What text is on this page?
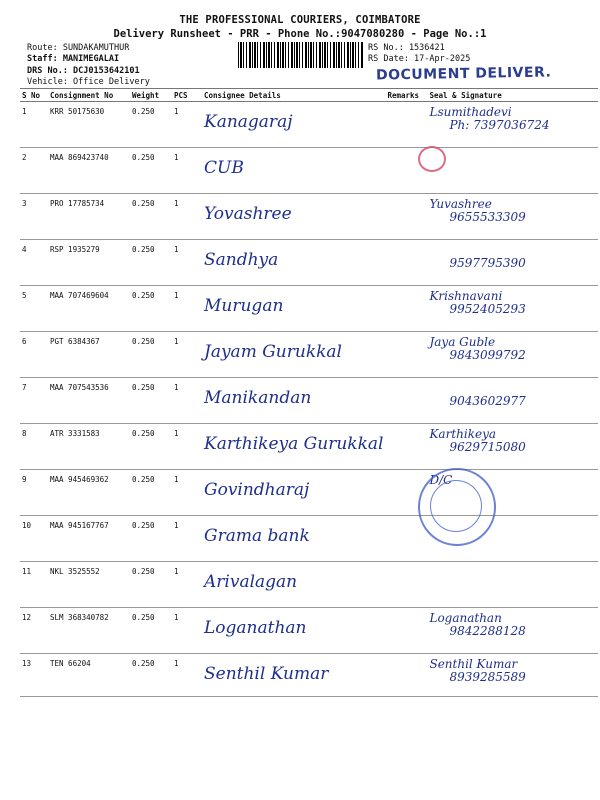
THE PROFESSIONAL COURIERS, COIMBATORE
Delivery Runsheet - PRR - Phone No.:9047080280 - Page No.:1
Route: SUNDAKAMUTHUR
Staff: MANIMEGALAI
DRS No.: DCJ0153642101
Vehicle: Office Delivery
RS No.: 1536421
RS Date: 17-Apr-2025
DOCUMENT DELIVER.
S No	Consignment No	Weight	PCS	Consignee Details	Remarks	Seal & Signature
1	KRR 50175630	0.250	1	Kanagaraj		Lsumithadevi
Ph: 7397036724
2	MAA 869423740	0.250	1	CUB		

3	PRO 17785734	0.250	1	Yovashree		Yuvashree
9655533309
4	RSP 1935279	0.250	1	Sandhya		9597795390
5	MAA 707469604	0.250	1	Murugan		Krishnavani
9952405293
6	PGT 6384367	0.250	1	Jayam Gurukkal		Jaya Guble
9843099792
7	MAA 707543536	0.250	1	Manikandan		9043602977
8	ATR 3331583	0.250	1	Karthikeya Gurukkal		Karthikeya
9629715080
9	MAA 945469362	0.250	1	Govindharaj		D/C

10	MAA 945167767	0.250	1	Grama bank		

11	NKL 3525552	0.250	1	Arivalagan		

12	SLM 368340782	0.250	1	Loganathan		Loganathan
9842288128
13	TEN 66204	0.250	1	Senthil Kumar		Senthil Kumar
8939285589
